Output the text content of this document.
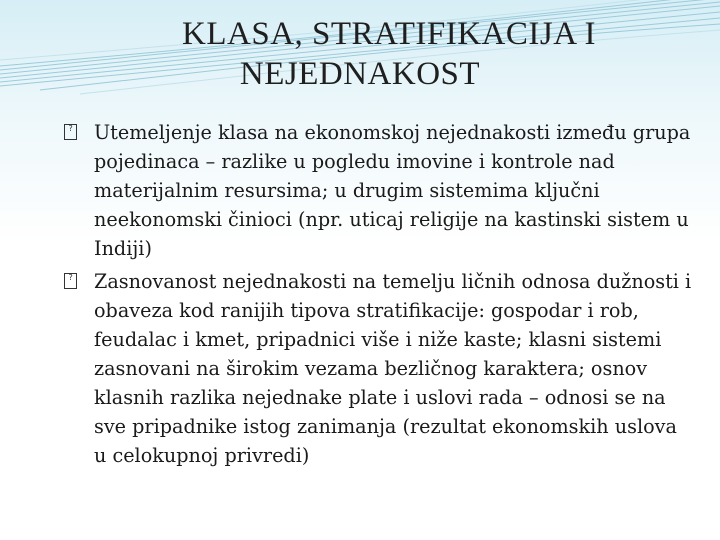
KLASA, STRATIFIKACIJA I
NEJEDNAKOST
? Utemeljenje klasa na ekonomskoj nejednakosti između grupa pojedinaca – razlike u pogledu imovine i kontrole nad materijalnim resursima; u drugim sistemima ključni neekonomski činioci (npr. uticaj religije na kastinski sistem u Indiji)
? Zasnovanost nejednakosti na temelju ličnih odnosa dužnosti i obaveza kod ranijih tipova stratifikacije: gospodar i rob, feudalac i kmet, pripadnici više i niže kaste; klasni sistemi zasnovani na širokim vezama bezličnog karaktera; osnov klasnih razlika nejednake plate i uslovi rada – odnosi se na sve pripadnike istog zanimanja (rezultat ekonomskih uslova u celokupnoj privredi)
